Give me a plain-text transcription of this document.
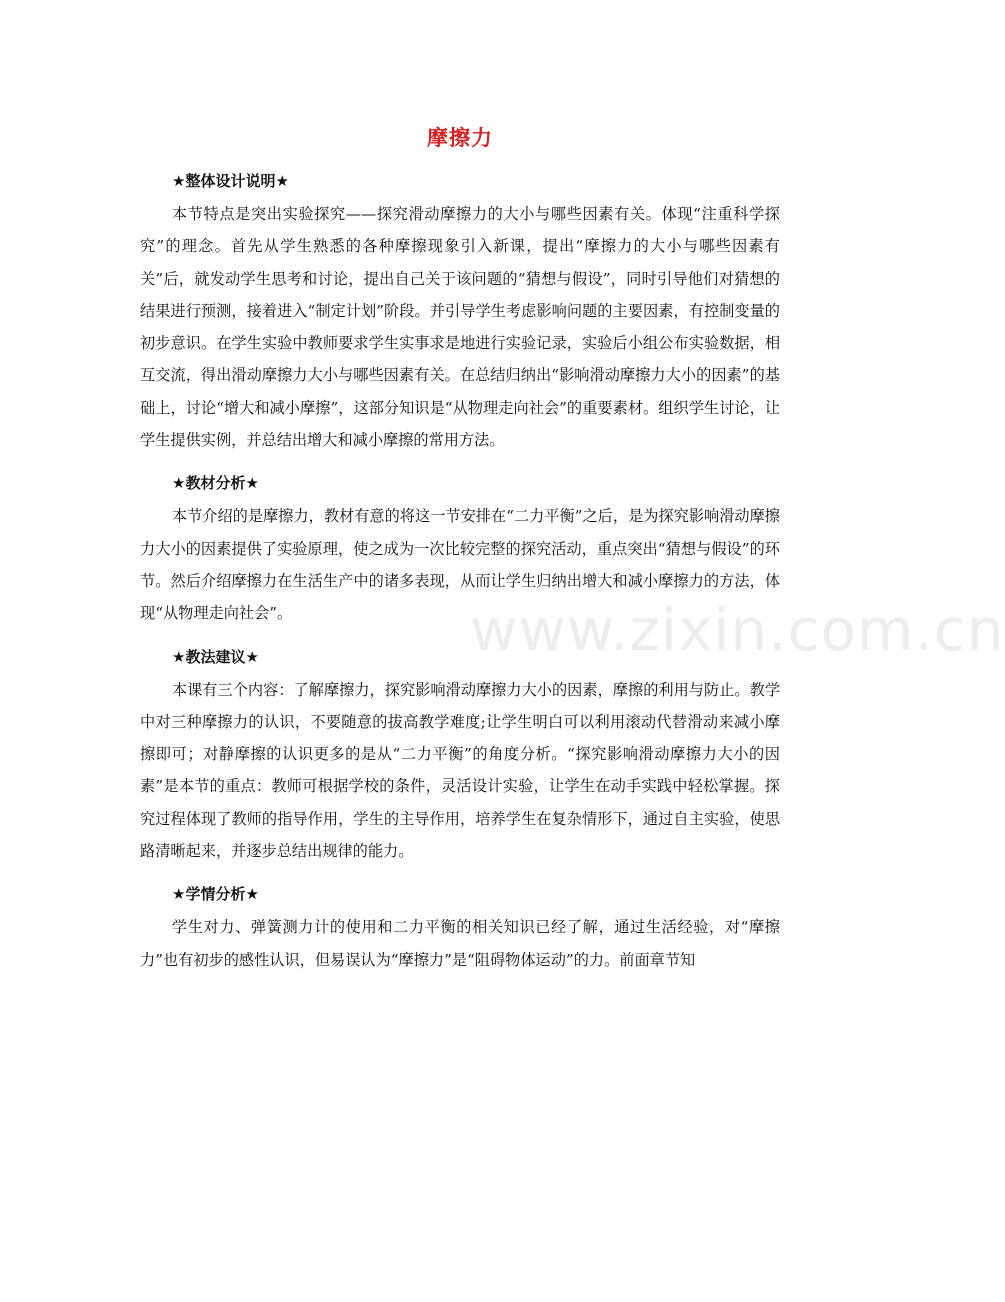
www.zixin.com.cn
摩擦力
★整体设计说明★

本节特点是突出实验探究——探究滑动摩擦力的大小与哪些因素有关。体现“注重科学探究”的理念。首先从学生熟悉的各种摩擦现象引入新课，提出“摩擦力的大小与哪些因素有关”后，就发动学生思考和讨论，提出自己关于该问题的“猜想与假设”，同时引导他们对猜想的结果进行预测，接着进入“制定计划”阶段。并引导学生考虑影响问题的主要因素，有控制变量的初步意识。在学生实验中教师要求学生实事求是地进行实验记录，实验后小组公布实验数据，相互交流，得出滑动摩擦力大小与哪些因素有关。在总结归纳出“影响滑动摩擦力大小的因素”的基础上，讨论“增大和减小摩擦”，这部分知识是“从物理走向社会”的重要素材。组织学生讨论，让学生提供实例，并总结出增大和减小摩擦的常用方法。

★教材分析★

本节介绍的是摩擦力，教材有意的将这一节安排在“二力平衡”之后，是为探究影响滑动摩擦力大小的因素提供了实验原理，使之成为一次比较完整的探究活动，重点突出“猜想与假设”的环节。然后介绍摩擦力在生活生产中的诸多表现，从而让学生归纳出增大和减小摩擦力的方法，体现“从物理走向社会”。

★教法建议★

本课有三个内容：了解摩擦力，探究影响滑动摩擦力大小的因素，摩擦的利用与防止。教学中对三种摩擦力的认识，不要随意的拔高教学难度;让学生明白可以利用滚动代替滑动来减小摩擦即可；对静摩擦的认识更多的是从“二力平衡”的角度分析。“探究影响滑动摩擦力大小的因素”是本节的重点：教师可根据学校的条件，灵活设计实验，让学生在动手实践中轻松掌握。探究过程体现了教师的指导作用，学生的主导作用，培养学生在复杂情形下，通过自主实验，使思路清晰起来，并逐步总结出规律的能力。

★学情分析★

学生对力、弹簧测力计的使用和二力平衡的相关知识已经了解，通过生活经验，对“摩擦力”也有初步的感性认识，但易误认为“摩擦力”是“阻碍物体运动”的力。前面章节知
